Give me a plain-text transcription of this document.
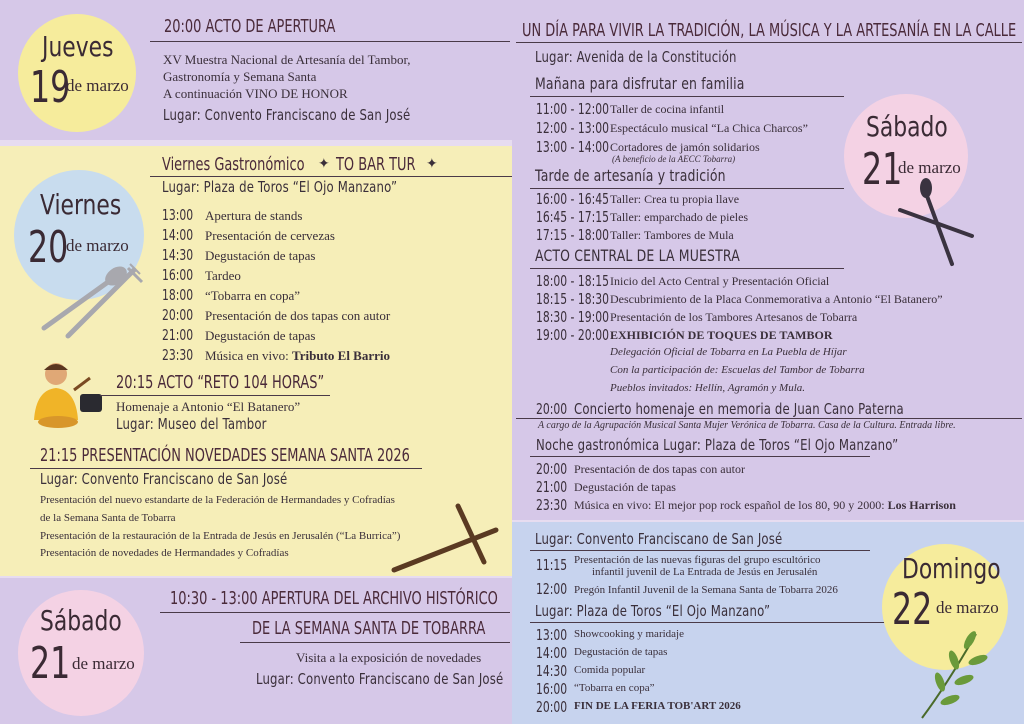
Jueves
19
de marzo
20:00 ACTO DE APERTURA
XV Muestra Nacional de Artesanía del Tambor,
Gastronomía y Semana Santa
A continuación VINO DE HONOR
Lugar: Convento Franciscano de San José
Viernes
20
de marzo
Viernes Gastronómico ✦ TO BAR TUR ✦
Lugar: Plaza de Toros “El Ojo Manzano”
13:00 Apertura de stands
14:00 Presentación de cervezas
14:30 Degustación de tapas
16:00 Tardeo
18:00 “Tobarra en copa”
20:00 Presentación de dos tapas con autor
21:00 Degustación de tapas
23:30 Música en vivo: Tributo El Barrio
20:15 ACTO “RETO 104 HORAS”
Homenaje a Antonio “El Batanero”
Lugar: Museo del Tambor
21:15 PRESENTACIÓN NOVEDADES SEMANA SANTA 2026
Lugar: Convento Franciscano de San José
Presentación del nuevo estandarte de la Federación de Hermandades y Cofradías
de la Semana Santa de Tobarra
Presentación de la restauración de la Entrada de Jesús en Jerusalén (“La Burrica”)
Presentación de novedades de Hermandades y Cofradías
Sábado
21 de marzo
10:30 - 13:00 APERTURA DEL ARCHIVO HISTÓRICO
DE LA SEMANA SANTA DE TOBARRA
Visita a la exposición de novedades
Lugar: Convento Franciscano de San José
UN DÍA PARA VIVIR LA TRADICIÓN, LA MÚSICA Y LA ARTESANÍA EN LA CALLE
Lugar: Avenida de la Constitución
Sábado
21
de marzo
Mañana para disfrutar en familia
11:00 - 12:00 Taller de cocina infantil
12:00 - 13:00 Espectáculo musical “La Chica Charcos”
13:00 - 14:00 Cortadores de jamón solidarios
(A beneficio de la AECC Tobarra)
Tarde de artesanía y tradición
16:00 - 16:45 Taller: Crea tu propia llave
16:45 - 17:15 Taller: emparchado de pieles
17:15 - 18:00 Taller: Tambores de Mula
ACTO CENTRAL DE LA MUESTRA
18:00 - 18:15 Inicio del Acto Central y Presentación Oficial
18:15 - 18:30 Descubrimiento de la Placa Conmemorativa a Antonio “El Batanero”
18:30 - 19:00 Presentación de los Tambores Artesanos de Tobarra
19:00 - 20:00 EXHIBICIÓN DE TOQUES DE TAMBOR
Delegación Oficial de Tobarra en La Puebla de Híjar
Con la participación de: Escuelas del Tambor de Tobarra
Pueblos invitados: Hellín, Agramón y Mula.
20:00 Concierto homenaje en memoria de Juan Cano Paterna
A cargo de la Agrupación Musical Santa Mujer Verónica de Tobarra. Casa de la Cultura. Entrada libre.
Noche gastronómica Lugar: Plaza de Toros “El Ojo Manzano”
20:00 Presentación de dos tapas con autor
21:00 Degustación de tapas
23:30 Música en vivo: El mejor pop rock español de los 80, 90 y 2000: Los Harrison
Lugar: Convento Franciscano de San José
11:15 Presentación de las nuevas figuras del grupo escultórico
infantil juvenil de La Entrada de Jesús en Jerusalén
12:00 Pregón Infantil Juvenil de la Semana Santa de Tobarra 2026
Lugar: Plaza de Toros “El Ojo Manzano”
13:00 Showcooking y maridaje
14:00 Degustación de tapas
14:30 Comida popular
16:00 “Tobarra en copa”
20:00 FIN DE LA FERIA TOB'ART 2026
Domingo
22 de marzo
